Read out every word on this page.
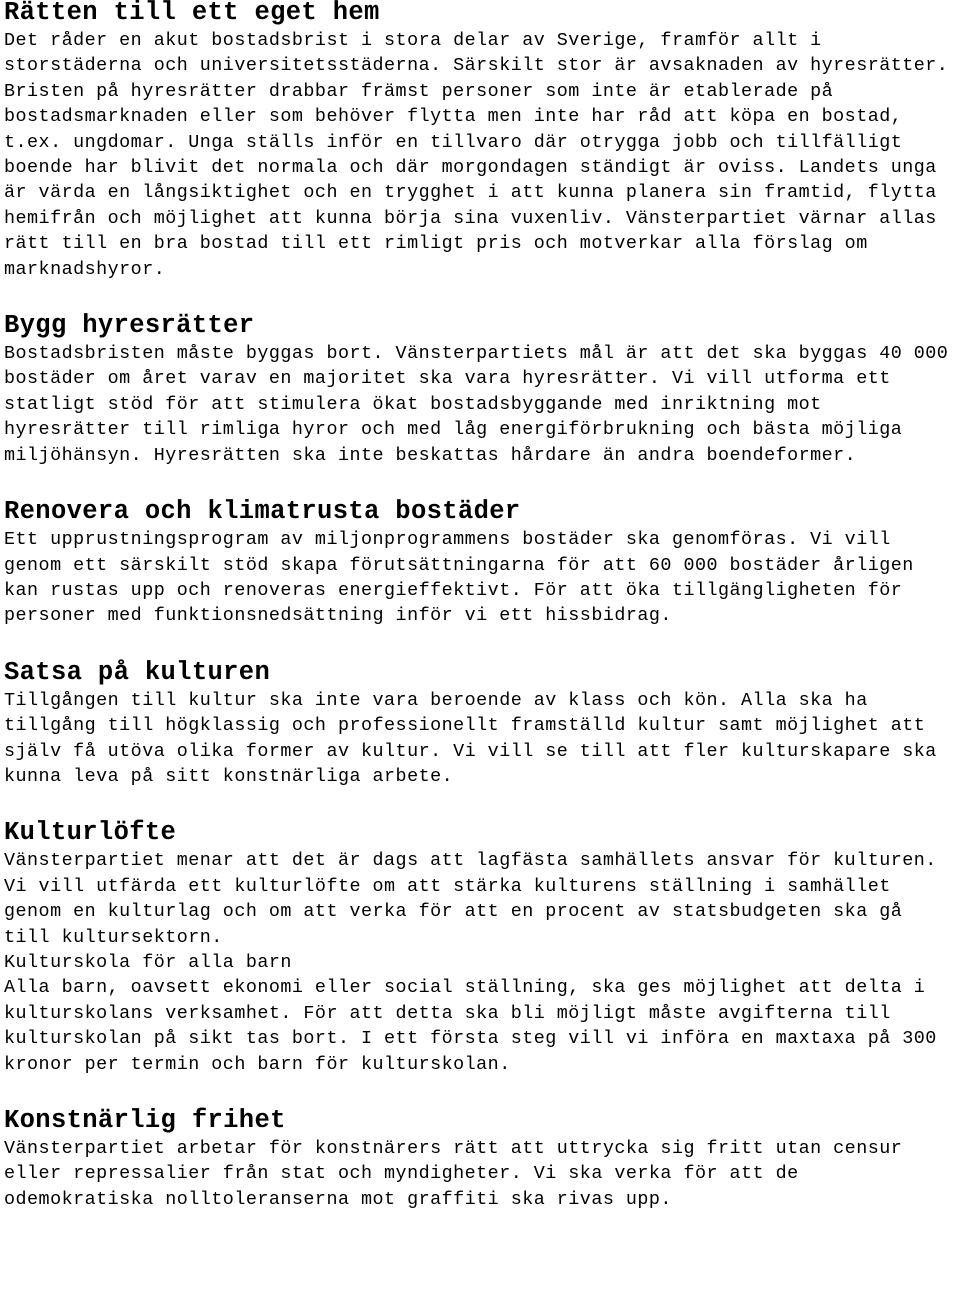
Rätten till ett eget hem

Det råder en akut bostadsbrist i stora delar av Sverige, framför allt i storstäderna och universitetsstäderna. Särskilt stor är avsaknaden av hyresrätter. Bristen på hyresrätter drabbar främst personer som inte är etablerade på bostadsmarknaden eller som behöver flytta men inte har råd att köpa en bostad, t.ex. ungdomar. Unga ställs inför en tillvaro där otrygga jobb och tillfälligt boende har blivit det normala och där morgondagen ständigt är oviss. Landets unga är värda en långsiktighet och en trygghet i att kunna planera sin framtid, flytta hemifrån och möjlighet att kunna börja sina vuxenliv. Vänsterpartiet värnar allas rätt till en bra bostad till ett rimligt pris och motverkar alla förslag om marknadshyror.

Bygg hyresrätter

Bostadsbristen måste byggas bort. Vänsterpartiets mål är att det ska byggas 40 000 bostäder om året varav en majoritet ska vara hyresrätter. Vi vill utforma ett statligt stöd för att stimulera ökat bostadsbyggande med inriktning mot hyresrätter till rimliga hyror och med låg energiförbrukning och bästa möjliga miljöhänsyn. Hyresrätten ska inte beskattas hårdare än andra boendeformer.

Renovera och klimatrusta bostäder

Ett upprustningsprogram av miljonprogrammens bostäder ska genomföras. Vi vill genom ett särskilt stöd skapa förutsättningarna för att 60 000 bostäder årligen kan rustas upp och renoveras energieffektivt. För att öka tillgängligheten för personer med funktionsnedsättning inför vi ett hissbidrag.

Satsa på kulturen

Tillgången till kultur ska inte vara beroende av klass och kön. Alla ska ha tillgång till högklassig och professionellt framställd kultur samt möjlighet att själv få utöva olika former av kultur. Vi vill se till att fler kulturskapare ska kunna leva på sitt konstnärliga arbete.

Kulturlöfte

Vänsterpartiet menar att det är dags att lagfästa samhällets ansvar för kulturen. Vi vill utfärda ett kulturlöfte om att stärka kulturens ställning i samhället genom en kulturlag och om att verka för att en procent av statsbudgeten ska gå till kultursektorn.

Kulturskola för alla barn

Alla barn, oavsett ekonomi eller social ställning, ska ges möjlighet att delta i kulturskolans verksamhet. För att detta ska bli möjligt måste avgifterna till kulturskolan på sikt tas bort. I ett första steg vill vi införa en maxtaxa på 300 kronor per termin och barn för kulturskolan.

Konstnärlig frihet

Vänsterpartiet arbetar för konstnärers rätt att uttrycka sig fritt utan censur eller repressalier från stat och myndigheter. Vi ska verka för att de odemokratiska nolltoleranserna mot graffiti ska rivas upp.
